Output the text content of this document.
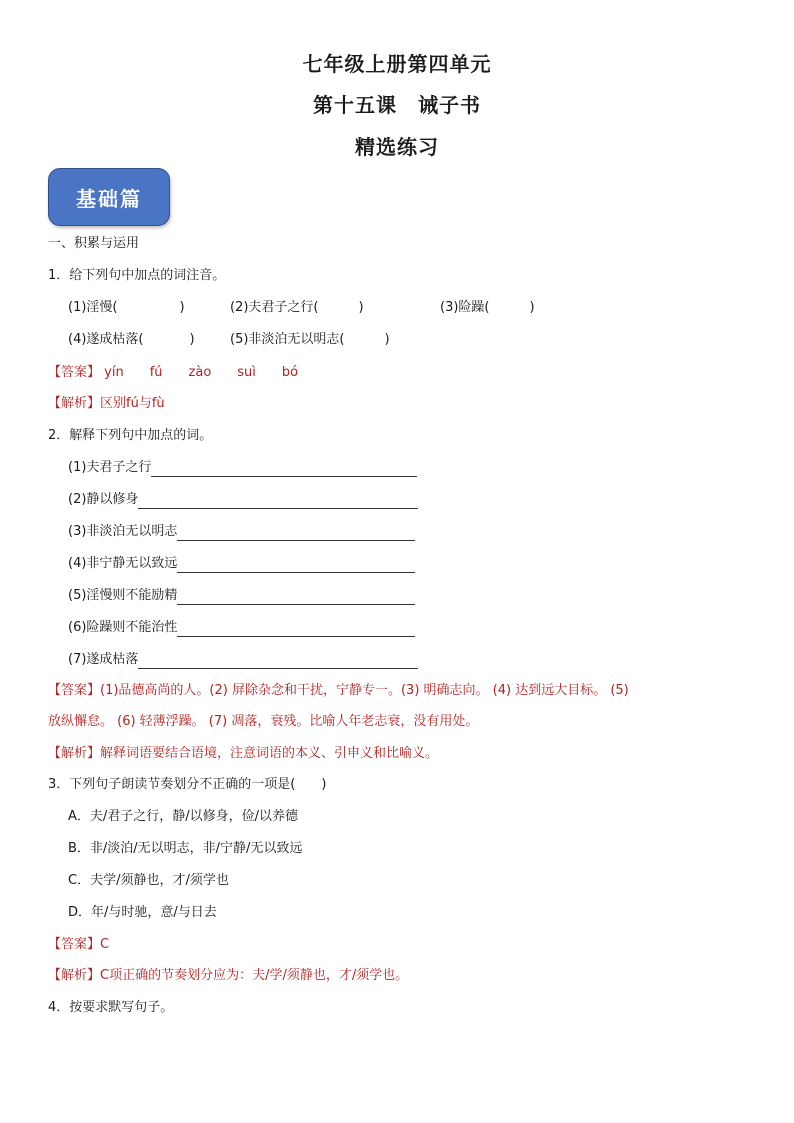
七年级上册第四单元
第十五课　诫子书
精选练习
基础篇
一、积累与运用
1．给下列句中加点的词注音。
(1)淫慢(	)	(2)夫君子之行(	)	(3)险躁(	)
(4)遂成枯落(	)	(5)非淡泊无以明志(	)
【答案】 yín fú zào suì bó
【解析】区别fú与fù
2．解释下列句中加点的词。
(1)夫君子之行
(2)静以修身
(3)非淡泊无以明志
(4)非宁静无以致远
(5)淫慢则不能励精
(6)险躁则不能治性
(7)遂成枯落
【答案】(1)品德高尚的人。(2) 屏除杂念和干扰，宁静专一。(3) 明确志向。 (4) 达到远大目标。 (5)
放纵懈怠。 (6) 轻薄浮躁。 (7) 凋落，衰残。比喻人年老志衰，没有用处。
【解析】解释词语要结合语境，注意词语的本义、引申义和比喻义。
3．下列句子朗读节奏划分不正确的一项是(　　)
A．夫/君子之行，静/以修身，俭/以养德
B．非/淡泊/无以明志，非/宁静/无以致远
C．夫学/须静也，才/须学也
D．年/与时驰，意/与日去
【答案】C
【解析】C项正确的节奏划分应为：夫/学/须静也，才/须学也。
4．按要求默写句子。
